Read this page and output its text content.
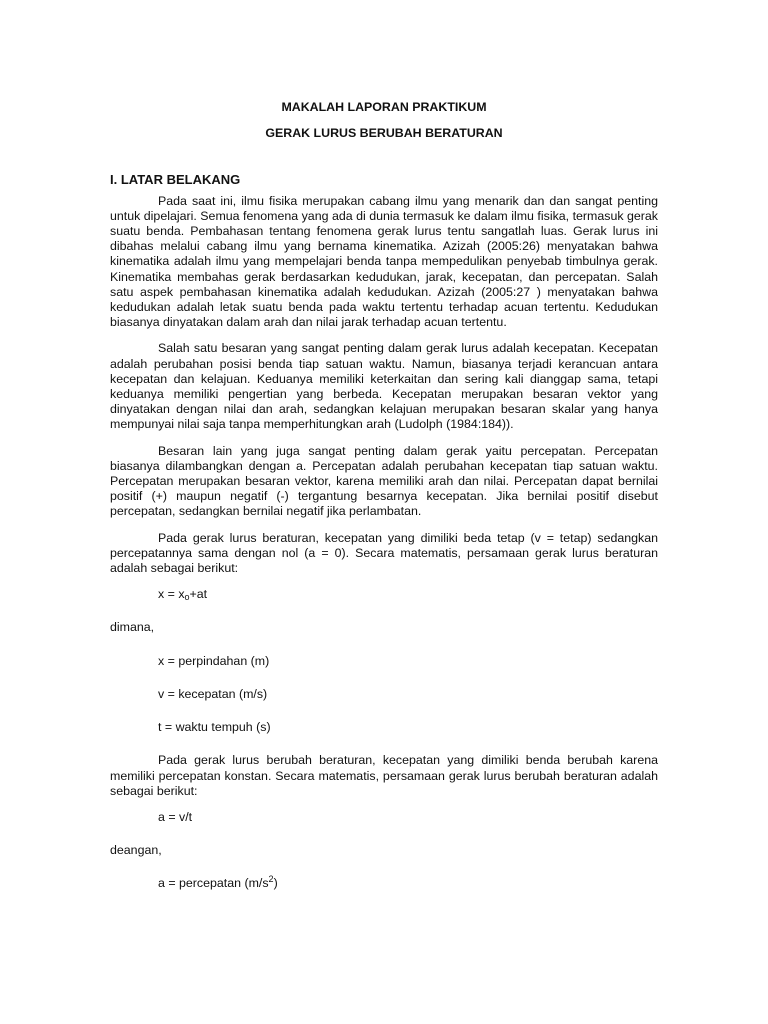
MAKALAH LAPORAN PRAKTIKUM

GERAK LURUS BERUBAH BERATURAN

I. LATAR BELAKANG

Pada saat ini, ilmu fisika merupakan cabang ilmu yang menarik dan dan sangat penting untuk dipelajari. Semua fenomena yang ada di dunia termasuk ke dalam ilmu fisika, termasuk gerak suatu benda. Pembahasan tentang fenomena gerak lurus tentu sangatlah luas. Gerak lurus ini dibahas melalui cabang ilmu yang bernama kinematika. Azizah (2005:26) menyatakan bahwa kinematika adalah ilmu yang mempelajari benda tanpa mempedulikan penyebab timbulnya gerak. Kinematika membahas gerak berdasarkan kedudukan, jarak, kecepatan, dan percepatan. Salah satu aspek pembahasan kinematika adalah kedudukan. Azizah (2005:27 ) menyatakan bahwa kedudukan adalah letak suatu benda pada waktu tertentu terhadap acuan tertentu. Kedudukan biasanya dinyatakan dalam arah dan nilai jarak terhadap acuan tertentu.

Salah satu besaran yang sangat penting dalam gerak lurus adalah kecepatan. Kecepatan adalah perubahan posisi benda tiap satuan waktu. Namun, biasanya terjadi kerancuan antara kecepatan dan kelajuan. Keduanya memiliki keterkaitan dan sering kali dianggap sama, tetapi keduanya memiliki pengertian yang berbeda. Kecepatan merupakan besaran vektor yang dinyatakan dengan nilai dan arah, sedangkan kelajuan merupakan besaran skalar yang hanya mempunyai nilai saja tanpa memperhitungkan arah (Ludolph (1984:184)).

Besaran lain yang juga sangat penting dalam gerak yaitu percepatan. Percepatan biasanya dilambangkan dengan a. Percepatan adalah perubahan kecepatan tiap satuan waktu. Percepatan merupakan besaran vektor, karena memiliki arah dan nilai. Percepatan dapat bernilai positif (+) maupun negatif (-) tergantung besarnya kecepatan. Jika bernilai positif disebut percepatan, sedangkan bernilai negatif jika perlambatan.

Pada gerak lurus beraturan, kecepatan yang dimiliki beda tetap (v = tetap) sedangkan percepatannya sama dengan nol (a = 0). Secara matematis, persamaan gerak lurus beraturan adalah sebagai berikut:

$x = x_o+at$
dimana,
x = perpindahan (m)
v = kecepatan (m/s)
t = waktu tempuh (s)

Pada gerak lurus berubah beraturan, kecepatan yang dimiliki benda berubah karena memiliki percepatan konstan. Secara matematis, persamaan gerak lurus berubah beraturan adalah sebagai berikut:

a = v/t
deangan,
a = percepatan $(m/s^2)$
